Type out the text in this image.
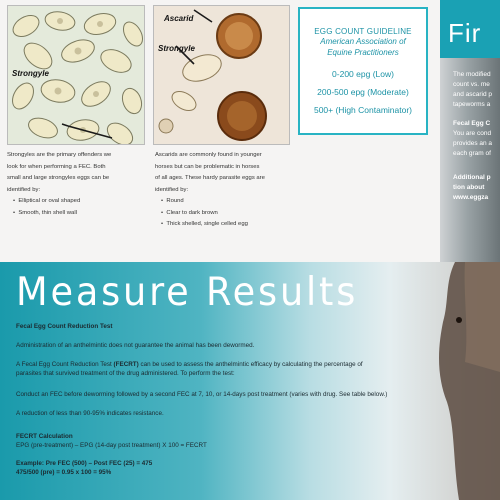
Strongyle
Ascarid
Strongyle
EGG COUNT GUIDELINE
American Association of
Equine Practitioners
0-200 epg (Low)
200-500 epg (Moderate)
500+ (High Contaminator)
Strongyles are the primary offenders we
look for when performing a FEC. Both
small and large strongyles eggs can be
identified by:
•  Elliptical or oval shaped
•  Smooth, thin shell wall
Ascarids are commonly found in younger
horses but can be problematic in horses
of all ages. These hardy parasite eggs are
identified by:
•  Round
•  Clear to dark brown
•  Thick shelled, single celled egg
Fir
The modified
count vs. me
and ascarid p
tapeworms a
Fecal Egg C
You are cond
provides an a
each gram of
Additional p
tion about
www.eggza
Measure Results
Fecal Egg Count Reduction Test
Administration of an anthelmintic does not guarantee the animal has been dewormed.
A Fecal Egg Count Reduction Test (FECRT) can be used to assess the anthelmintic efficacy by calculating the percentage of
parasites that survived treatment of the drug administered. To perform the test:
Conduct an FEC before deworming followed by a second FEC at 7, 10, or 14-days post treatment (varies with drug. See table below.)
A reduction of less than 90-95% indicates resistance.
FECRT Calculation
EPG (pre-treatment) – EPG (14-day post treatment) X 100 = FECRT
Example: Pre FEC (500) – Post FEC (25) = 475
475/500 (pre) = 0.95 x 100 = 95%
